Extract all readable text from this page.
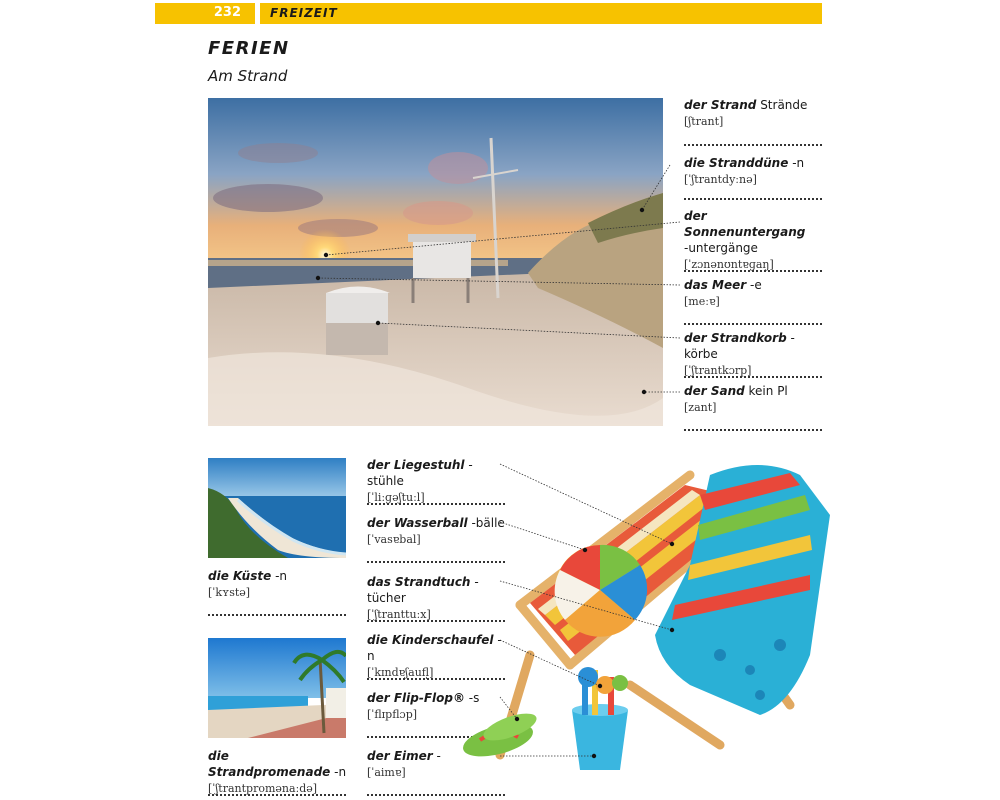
232 FREIZEIT
FERIEN
Am Strand
der Strand Strände
[ʃtrant]
die Stranddüne -n
[ˈʃtrantdyːnə]
der Sonnenuntergang
-untergänge
[ˈzɔnənʊntɐɡaŋ]
das Meer -e
[meːɐ]
der Strandkorb -körbe
[ˈʃtrantkɔrp]
der Sand kein Pl
[zant]
die Küste -n
[ˈkʏstə]
die Strandpromenade -n
[ˈʃtrantpromənaːdə]
der Liegestuhl -stühle
[ˈliːɡəʃtuːl]
der Wasserball -bälle
[ˈvasɐbal]
das Strandtuch -tücher
[ˈʃtranttuːx]
die Kinderschaufel -n
[ˈkɪndɐʃaufl̩]
der Flip-Flop® -s
[ˈflɪpflɔp]
der Eimer -
[ˈaimɐ]
